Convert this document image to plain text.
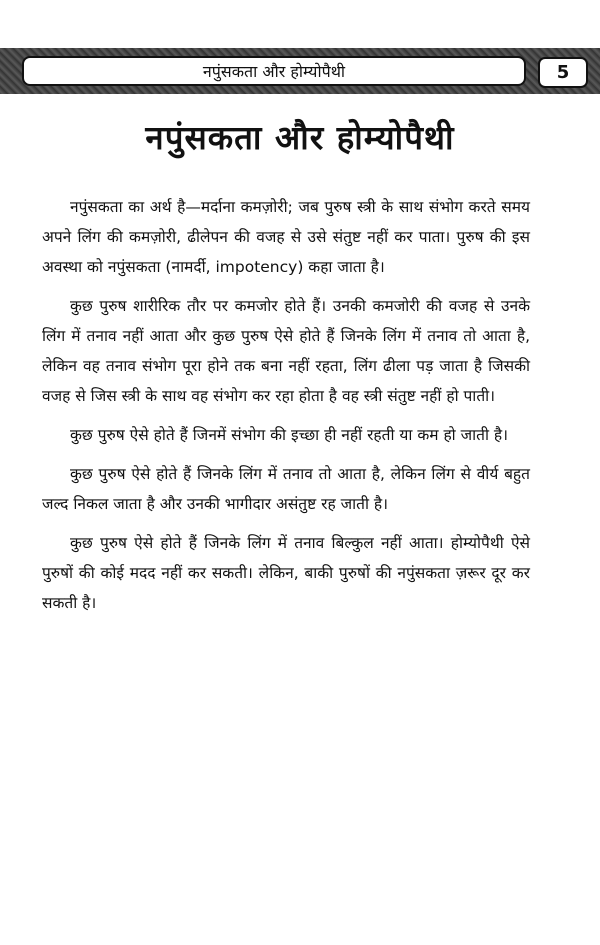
नपुंसकता और होम्योपैथी	5
नपुंसकता और होम्योपैथी

नपुंसकता का अर्थ है—मर्दाना कमज़ोरी; जब पुरुष स्त्री के साथ संभोग करते समय अपने लिंग की कमज़ोरी, ढीलेपन की वजह से उसे संतुष्ट नहीं कर पाता। पुरुष की इस अवस्था को नपुंसकता (नामर्दी, impotency) कहा जाता है।

कुछ पुरुष शारीरिक तौर पर कमजोर होते हैं। उनकी कमजोरी की वजह से उनके लिंग में तनाव नहीं आता और कुछ पुरुष ऐसे होते हैं जिनके लिंग में तनाव तो आता है, लेकिन वह तनाव संभोग पूरा होने तक बना नहीं रहता, लिंग ढीला पड़ जाता है जिसकी वजह से जिस स्त्री के साथ वह संभोग कर रहा होता है वह स्त्री संतुष्ट नहीं हो पाती।

कुछ पुरुष ऐसे होते हैं जिनमें संभोग की इच्छा ही नहीं रहती या कम हो जाती है।

कुछ पुरुष ऐसे होते हैं जिनके लिंग में तनाव तो आता है, लेकिन लिंग से वीर्य बहुत जल्द निकल जाता है और उनकी भागीदार असंतुष्ट रह जाती है।

कुछ पुरुष ऐसे होते हैं जिनके लिंग में तनाव बिल्कुल नहीं आता। होम्योपैथी ऐसे पुरुषों की कोई मदद नहीं कर सकती। लेकिन, बाकी पुरुषों की नपुंसकता ज़रूर दूर कर सकती है।
